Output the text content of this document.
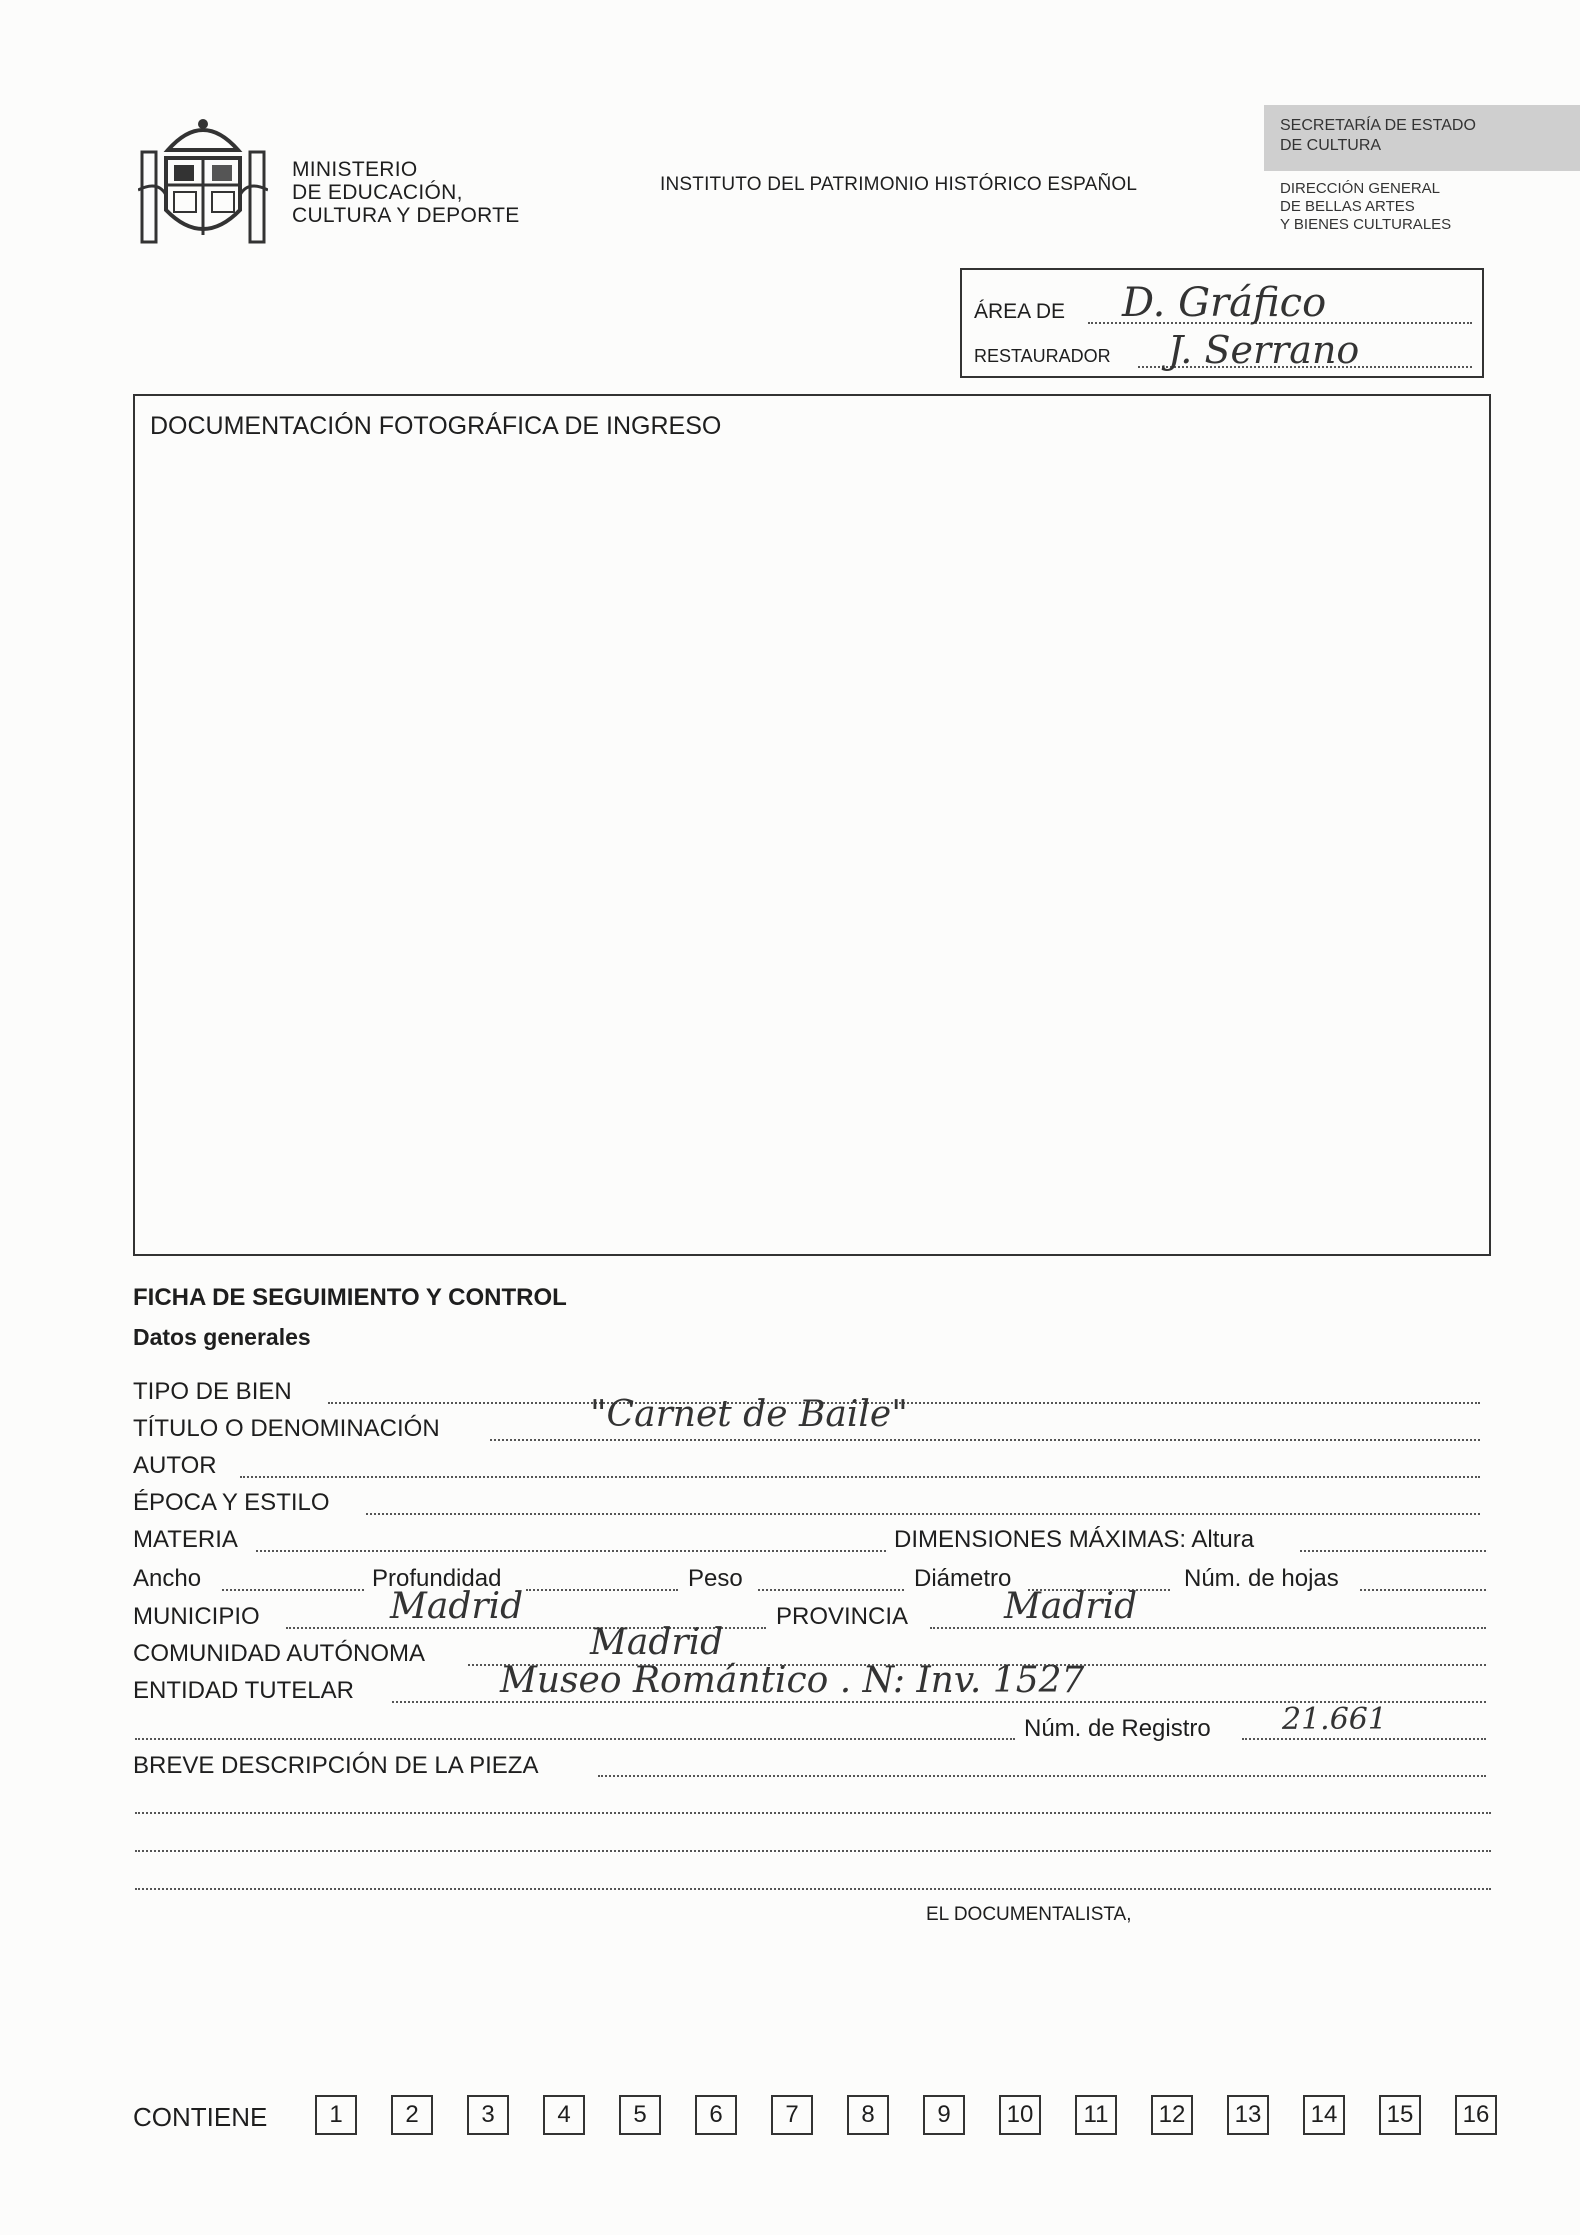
MINISTERIO
DE EDUCACIÓN,
CULTURA Y DEPORTE
INSTITUTO DEL PATRIMONIO HISTÓRICO ESPAÑOL
SECRETARÍA DE ESTADO
DE CULTURA
DIRECCIÓN GENERAL
DE BELLAS ARTES
Y BIENES CULTURALES
ÁREA DE D. Gráfico
RESTAURADOR J. Serrano
DOCUMENTACIÓN FOTOGRÁFICA DE INGRESO
FICHA DE SEGUIMIENTO Y CONTROL
Datos generales
TIPO DE BIEN
TÍTULO O DENOMINACIÓN	"Carnet de Baile"
AUTOR
ÉPOCA Y ESTILO
MATERIA	DIMENSIONES MÁXIMAS: Altura
Ancho	Profundidad	Peso	Diámetro	Núm. de hojas
MUNICIPIO	Madrid	PROVINCIA	Madrid
COMUNIDAD AUTÓNOMA	Madrid
ENTIDAD TUTELAR	Museo Romántico . N: Inv. 1527
Núm. de Registro 21.661
BREVE DESCRIPCIÓN DE LA PIEZA
EL DOCUMENTALISTA,
CONTIENE	1	2	3	4	5	6	7	8	9	10	11	12	13	14	15	16
